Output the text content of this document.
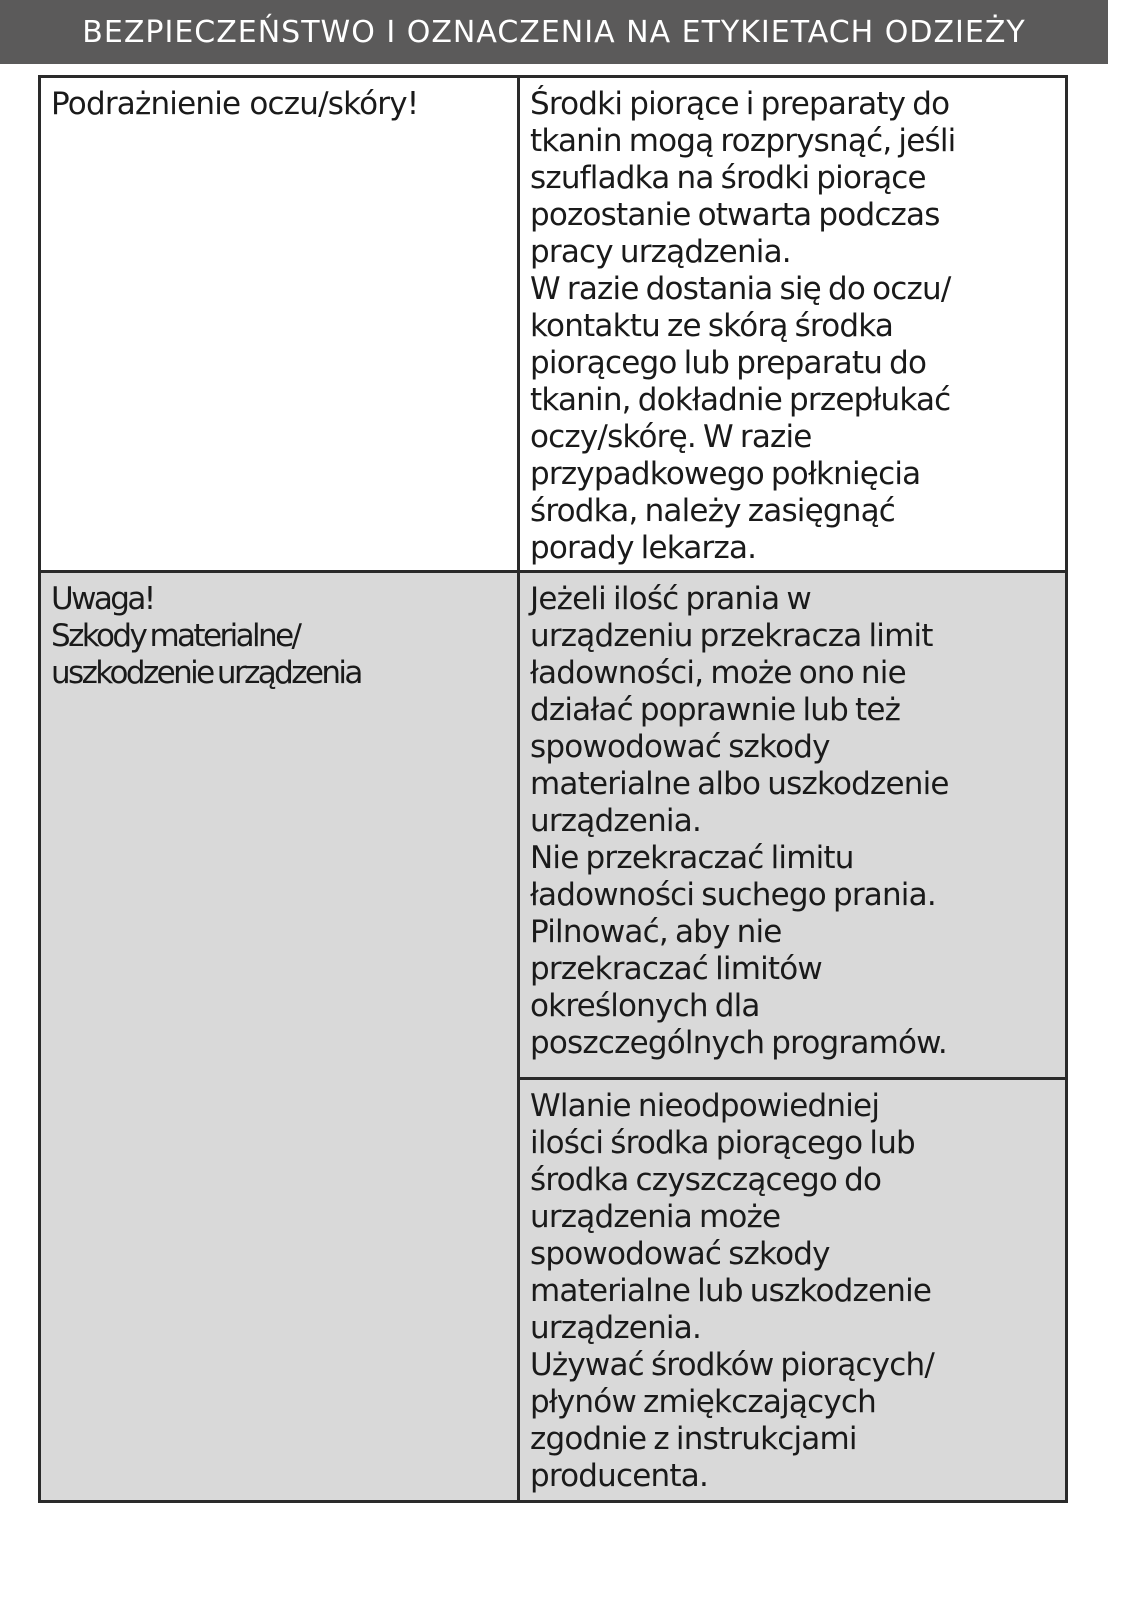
BEZPIECZEŃSTWO I OZNACZENIA NA ETYKIETACH ODZIEŻY

Podrażnienie oczu/skóry!	Środki piorące i preparaty do
tkanin mogą rozprysnąć, jeśli
szufladka na środki piorące
pozostanie otwarta podczas
pracy urządzenia.
W razie dostania się do oczu/
kontaktu ze skórą środka
piorącego lub preparatu do
tkanin, dokładnie przepłukać
oczy/skórę. W razie
przypadkowego połknięcia
środka, należy zasięgnąć
porady lekarza.

Uwaga!
Szkody materialne/
uszkodzenie urządzenia

Jeżeli ilość prania w
urządzeniu przekracza limit
ładowności, może ono nie
działać poprawnie lub też
spowodować szkody
materialne albo uszkodzenie
urządzenia.
Nie przekraczać limitu
ładowności suchego prania.
Pilnować, aby nie
przekraczać limitów
określonych dla
poszczególnych programów.

Wlanie nieodpowiedniej
ilości środka piorącego lub
środka czyszczącego do
urządzenia może
spowodować szkody
materialne lub uszkodzenie
urządzenia.
Używać środków piorących/
płynów zmiękczających
zgodnie z instrukcjami
producenta.
